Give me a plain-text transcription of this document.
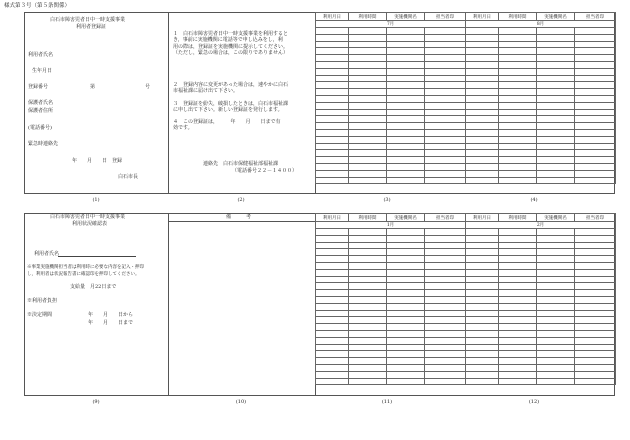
様式第３号（第５条関係）
白石市障害児者日中一時支援事業
利用者登録証
利用者氏名
生年月日
登録番号	第	号
保護者氏名
保護者住所
(電話番号)
緊急時連絡先
年　　月　　日　登録
白石市長
１　白石市障害児者日中一時支援事業を利用すると
き，事前に実施機関に電話等で申し込みをし，利
用の際は，登録証を実施機関に提示してください。
（ただし，緊急の場合は，この限りでありません）
２　登録内容に変更があった場合は，速やかに白石
市福祉課に届け出て下さい。
３　登録証を紛失，破損したときは，白石市福祉課
に申し出て下さい。新しい登録証を発行します。
４　この登録証は，　　　年　　月　　日まで有
効です。
連絡先　白石市保健福祉部福祉課
（電話番号２２－１４００）
利用月日	利用時間	実施機関名	担当者印	利用月日	利用時間	実施機関名	担当者印
7月				8月			

(1)	(2)	(3)	(4)
白石市障害児者日中一時支援事業
利用状況確認表
備　　　考
利用者氏名
※事業実施機関担当者は利用時に必要な内容を記入・押印
し，利用者は状況報告書に確認印を押印してください。
支給量　月22日まで
※利用者負担
※決定期間	年　　月　　日から
年　　月　　日まで
利用月日	利用時間	実施機関名	担当者印	利用月日	利用時間	実施機関名	担当者印
1月				2月			

(9)	(10)	(11)	(12)
